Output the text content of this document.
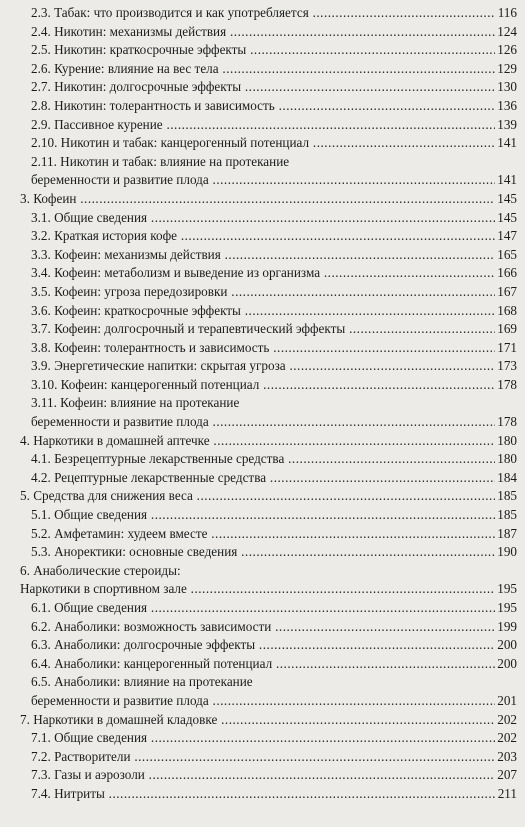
2.3. Табак: что производится и как употребляется .....	116
2.4. Никотин: механизмы действия .....	124
2.5. Никотин: краткосрочные эффекты .....	126
2.6. Курение: влияние на вес тела .....	129
2.7. Никотин: долгосрочные эффекты .....	130
2.8. Никотин: толерантность и зависимость .....	136
2.9. Пассивное курение .....	139
2.10. Никотин и табак: канцерогенный потенциал .....	141
2.11. Никотин и табак: влияние на протекание
беременности и развитие плода .....	141
3. Кофеин .....	145
3.1. Общие сведения .....	145
3.2. Краткая история кофе .....	147
3.3. Кофеин: механизмы действия .....	165
3.4. Кофеин: метаболизм и выведение из организма .....	166
3.5. Кофеин: угроза передозировки .....	167
3.6. Кофеин: краткосрочные эффекты .....	168
3.7. Кофеин: долгосрочный и терапевтический эффекты .....	169
3.8. Кофеин: толерантность и зависимость .....	171
3.9. Энергетические напитки: скрытая угроза .....	173
3.10. Кофеин: канцерогенный потенциал .....	178
3.11. Кофеин: влияние на протекание
беременности и развитие плода .....	178
4. Наркотики в домашней аптечке .....	180
4.1. Безрецептурные лекарственные средства .....	180
4.2. Рецептурные лекарственные средства .....	184
5. Средства для снижения веса .....	185
5.1. Общие сведения .....	185
5.2. Амфетамин: худеем вместе .....	187
5.3. Аноректики: основные сведения .....	190
6. Анаболические стероиды:
Наркотики в спортивном зале .....	195
6.1. Общие сведения .....	195
6.2. Анаболики: возможность зависимости .....	199
6.3. Анаболики: долгосрочные эффекты .....	200
6.4. Анаболики: канцерогенный потенциал .....	200
6.5. Анаболики: влияние на протекание
беременности и развитие плода .....	201
7. Наркотики в домашней кладовке .....	202
7.1. Общие сведения .....	202
7.2. Растворители .....	203
7.3. Газы и аэрозоли .....	207
7.4. Нитриты .....	211
